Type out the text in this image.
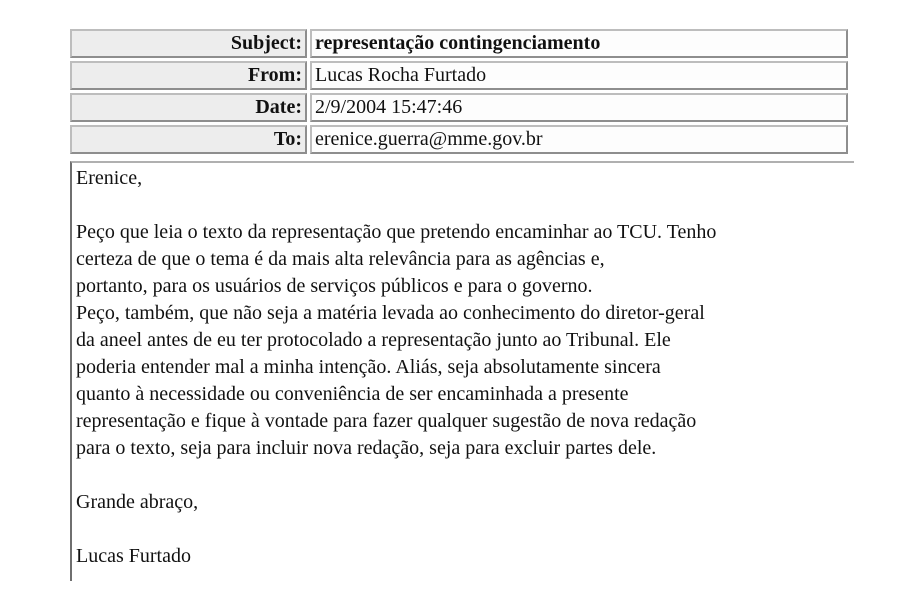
Subject:	representação contingenciamento
From:	Lucas Rocha Furtado
Date:	2/9/2004 15:47:46
To:	erenice.guerra@mme.gov.br

Erenice,

Peço que leia o texto da representação que pretendo encaminhar ao TCU. Tenho

certeza de que o tema é da mais alta relevância para as agências e,

portanto, para os usuários de serviços públicos e para o governo.

Peço, também, que não seja a matéria levada ao conhecimento do diretor-geral

da aneel antes de eu ter protocolado a representação junto ao Tribunal. Ele

poderia entender mal a minha intenção. Aliás, seja absolutamente sincera

quanto à necessidade ou conveniência de ser encaminhada a presente

representação e fique à vontade para fazer qualquer sugestão de nova redação

para o texto, seja para incluir nova redação, seja para excluir partes dele.

Grande abraço,

Lucas Furtado
